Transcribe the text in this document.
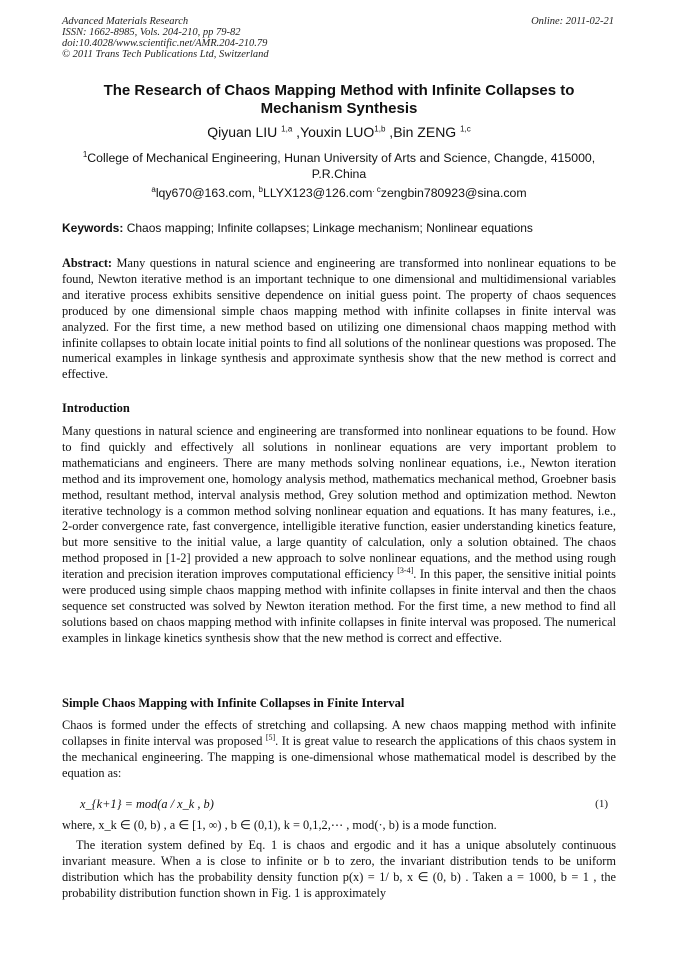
Advanced Materials Research
ISSN: 1662-8985, Vols. 204-210, pp 79-82
doi:10.4028/www.scientific.net/AMR.204-210.79
© 2011 Trans Tech Publications Ltd, Switzerland
Online: 2011-02-21
The Research of Chaos Mapping Method with Infinite Collapses to
Mechanism Synthesis
Qiyuan LIU $^{1,a}$ ,Youxin LUO$^{1,b}$ ,Bin ZENG $^{1,c}$
$^1$College of Mechanical Engineering, Hunan University of Arts and Science, Changde, 415000,
P.R.China
$^a$lqy670@163.com, $^b$LLYX123@126.com$^{. c}$zengbin780923@sina.com
Keywords: Chaos mapping; Infinite collapses; Linkage mechanism; Nonlinear equations
Abstract: Many questions in natural science and engineering are transformed into nonlinear equations to be found, Newton iterative method is an important technique to one dimensional and multidimensional variables and iterative process exhibits sensitive dependence on initial guess point. The property of chaos sequences produced by one dimensional simple chaos mapping method with infinite collapses in finite interval was analyzed. For the first time, a new method based on utilizing one dimensional chaos mapping method with infinite collapses to obtain locate initial points to find all solutions of the nonlinear questions was proposed. The numerical examples in linkage synthesis and approximate synthesis show that the new method is correct and effective.
Introduction
Many questions in natural science and engineering are transformed into nonlinear equations to be found. How to find quickly and effectively all solutions in nonlinear equations are very important problem to mathematicians and engineers. There are many methods solving nonlinear equations, i.e., Newton iteration method and its improvement one, homology analysis method, mathematics mechanical method, Groebner basis method, resultant method, interval analysis method, Grey solution method and optimization method. Newton iterative technology is a common method solving nonlinear equation and equations. It has many features, i.e., 2-order convergence rate, fast convergence, intelligible iterative function, easier understanding kinetics feature, but more sensitive to the initial value, a large quantity of calculation, only a solution obtained. The chaos method proposed in [1-2] provided a new approach to solve nonlinear equations, and the method using rough iteration and precision iteration improves computational efficiency [3-4]. In this paper, the sensitive initial points were produced using simple chaos mapping method with infinite collapses in finite interval and then the chaos sequence set constructed was solved by Newton iteration method. For the first time, a new method to find all solutions based on chaos mapping method with infinite collapses in finite interval was proposed. The numerical examples in linkage kinetics synthesis show that the new method is correct and effective.
Simple Chaos Mapping with Infinite Collapses in Finite Interval
Chaos is formed under the effects of stretching and collapsing. A new chaos mapping method with infinite collapses in finite interval was proposed [5]. It is great value to research the applications of this chaos system in the mechanical engineering. The mapping is one-dimensional whose mathematical model is described by the equation as:
x_{k+1} = mod(a / x_k , b)	(1)
where, x_k ∈ (0, b) , a ∈ [1, ∞) , b ∈ (0,1), k = 0,1,2,⋯ , mod(·, b) is a mode function.
The iteration system defined by Eq. 1 is chaos and ergodic and it has a unique absolutely continuous invariant measure. When a is close to infinite or b to zero, the invariant distribution tends to be uniform distribution which has the probability density function p(x) = 1/ b, x ∈ (0, b) . Taken a = 1000, b = 1 , the probability distribution function shown in Fig. 1 is approximately
